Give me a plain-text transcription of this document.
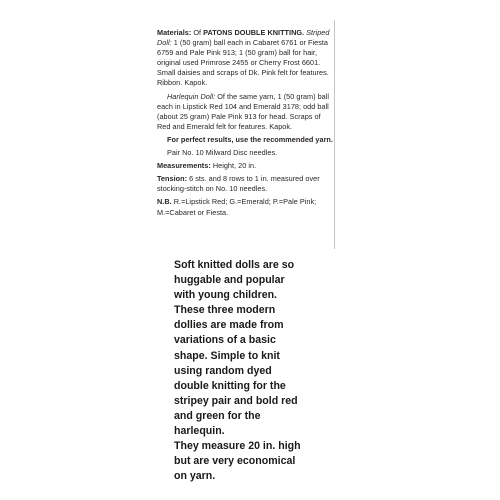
Materials: Of PATONS DOUBLE KNITTING. Striped Doll: 1 (50 gram) ball each in Cabaret 6761 or Fiesta 6759 and Pale Pink 913; 1 (50 gram) ball for hair, original used Primrose 2455 or Cherry Frost 6601. Small daisies and scraps of Dk. Pink felt for features. Ribbon. Kapok.

Harlequin Doll: Of the same yarn, 1 (50 gram) ball each in Lipstick Red 104 and Emerald 3178; odd ball (about 25 gram) Pale Pink 913 for head. Scraps of Red and Emerald felt for features. Kapok.

For perfect results, use the recommended yarn.

Pair No. 10 Milward Disc needles.

Measurements: Height, 20 in.

Tension: 6 sts. and 8 rows to 1 in. measured over stocking-stitch on No. 10 needles.

N.B. R.=Lipstick Red; G.=Emerald; P.=Pale Pink; M.=Cabaret or Fiesta.

Soft knitted dolls are so
huggable and popular
with young children.
These three modern
dollies are made from
variations of a basic
shape. Simple to knit
using random dyed
double knitting for the
stripey pair and bold red
and green for the
harlequin.
They measure 20 in. high
but are very economical
on yarn.
